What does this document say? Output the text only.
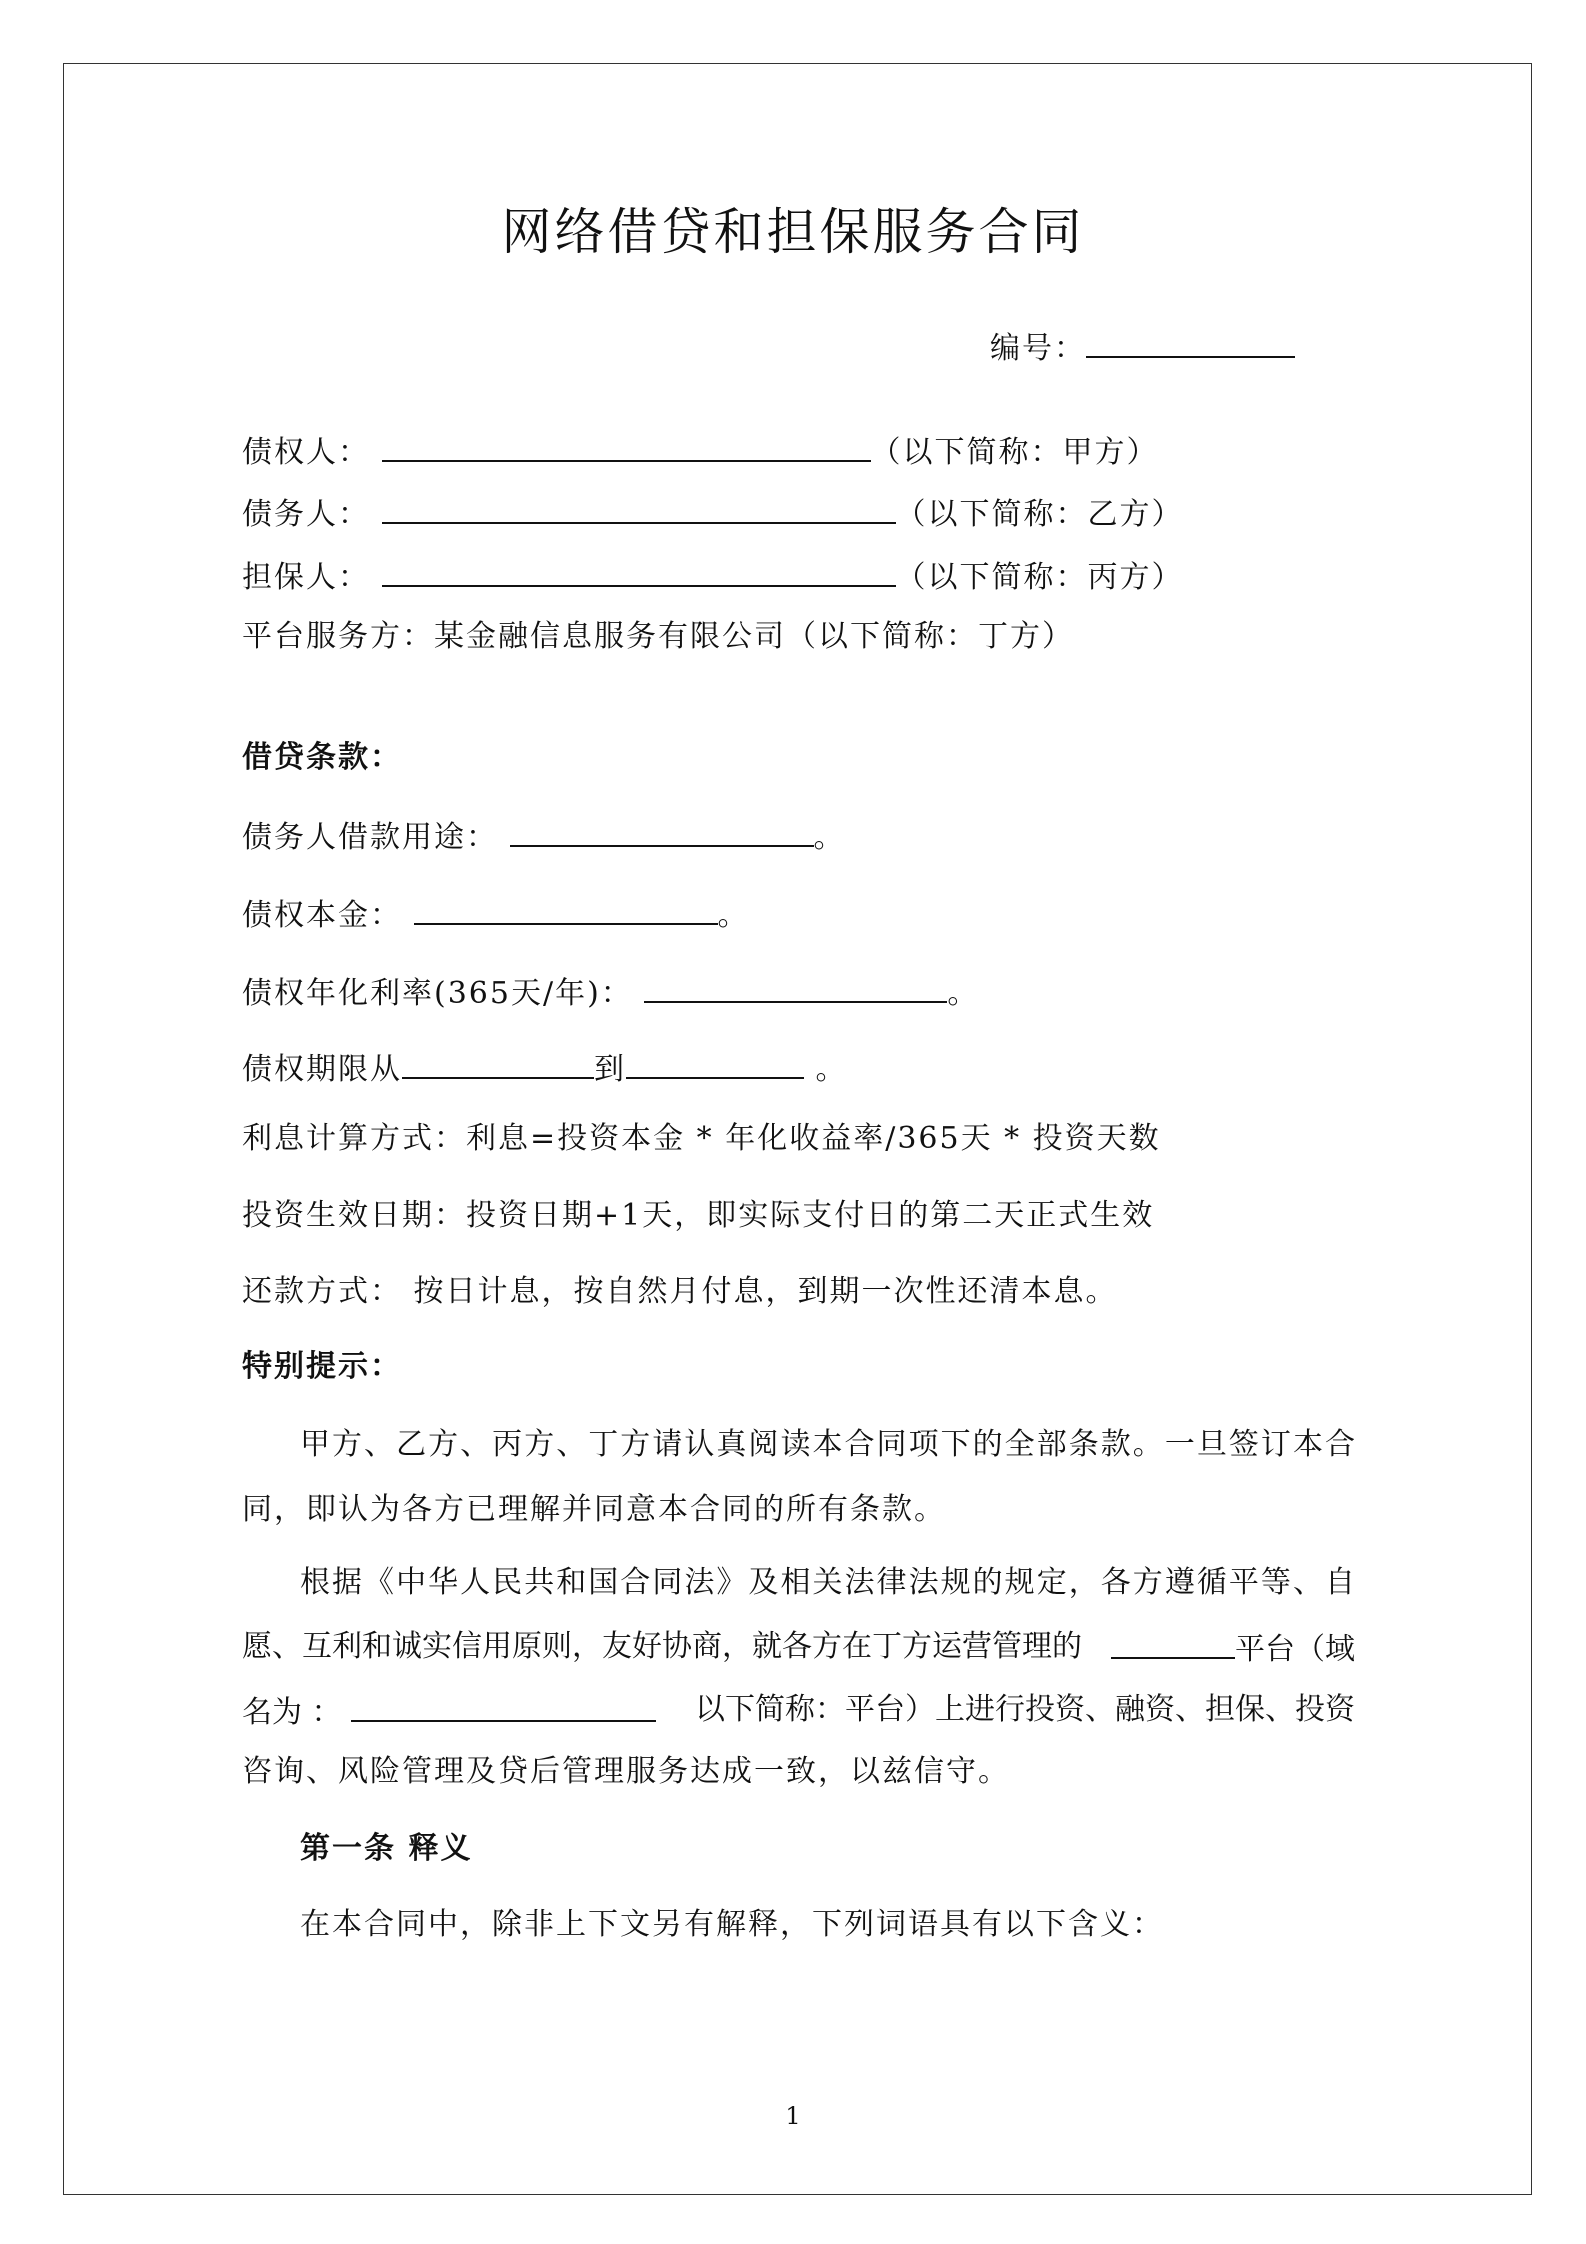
网络借贷和担保服务合同
编号：
债权人：	（以下简称：甲方）
债务人：	（以下简称：乙方）
担保人：	（以下简称：丙方）
平台服务方：某金融信息服务有限公司（以下简称：丁方）
借贷条款：
债务人借款用途：	。
债权本金：	。
债权年化利率(365天/年)：	。
债权期限从	到	。
利息计算方式：利息=投资本金 * 年化收益率/365天 * 投资天数
投资生效日期：投资日期+1天，即实际支付日的第二天正式生效
还款方式： 按日计息，按自然月付息，到期一次性还清本息。
特别提示：
甲方、乙方、丙方、丁方请认真阅读本合同项下的全部条款。一旦签订本合
同，即认为各方已理解并同意本合同的所有条款。
根据《中华人民共和国合同法》及相关法律法规的规定，各方遵循平等、自
愿、互利和诚实信用原则，友好协商，就各方在丁方运营管理的	平台（域
名为 ：	以下简称：平台）上进行投资、融资、担保、投资
咨询、风险管理及贷后管理服务达成一致，以兹信守。
第一条 释义
在本合同中，除非上下文另有解释，下列词语具有以下含义：
1
